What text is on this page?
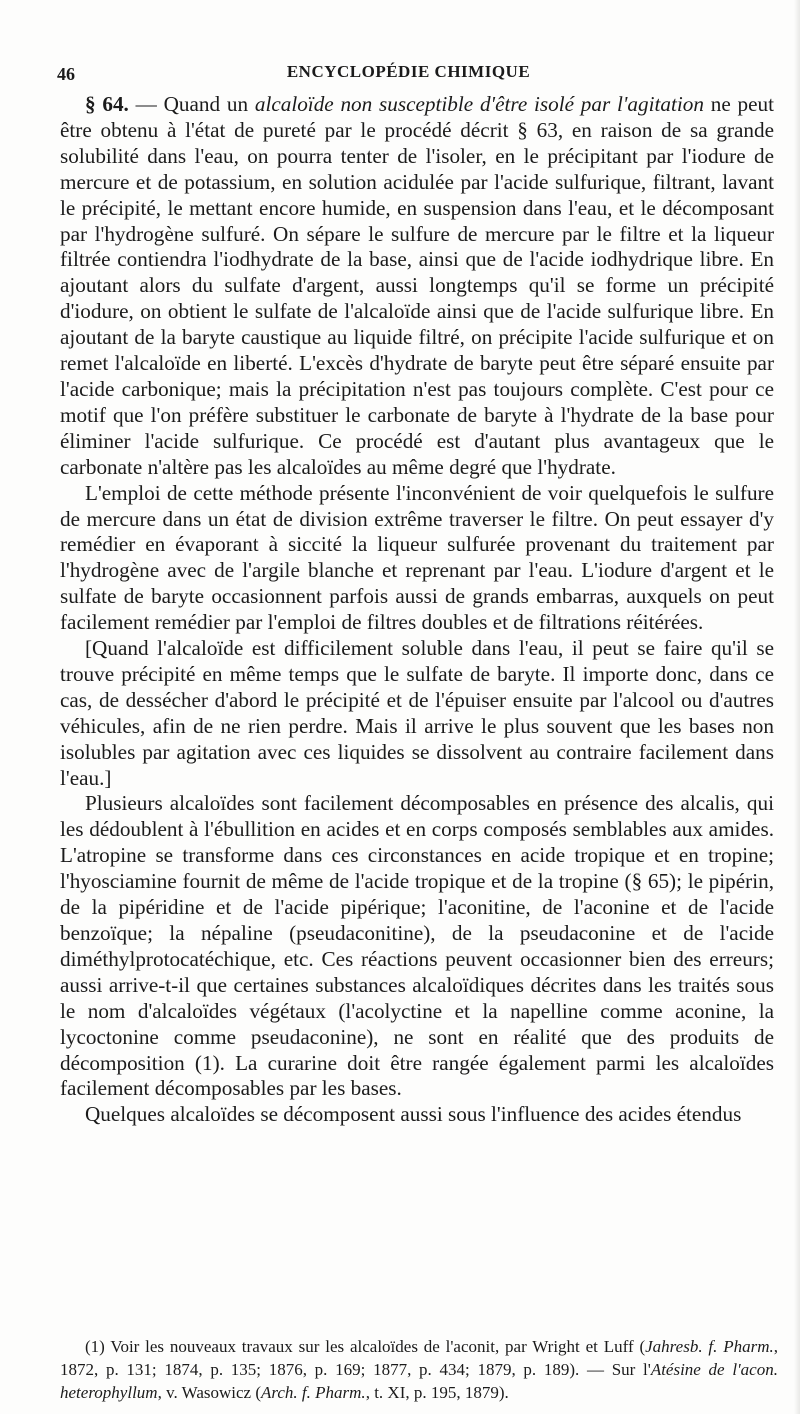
46	ENCYCLOPÉDIE CHIMIQUE

§ 64. — Quand un alcaloïde non susceptible d'être isolé par l'agitation ne peut être obtenu à l'état de pureté par le procédé décrit § 63, en raison de sa grande solubilité dans l'eau, on pourra tenter de l'isoler, en le précipitant par l'iodure de mercure et de potassium, en solution acidulée par l'acide sulfurique, filtrant, lavant le précipité, le mettant encore humide, en suspension dans l'eau, et le décomposant par l'hydrogène sulfuré. On sépare le sulfure de mercure par le filtre et la liqueur filtrée contiendra l'iodhydrate de la base, ainsi que de l'acide iodhydrique libre. En ajoutant alors du sulfate d'argent, aussi longtemps qu'il se forme un précipité d'iodure, on obtient le sulfate de l'alcaloïde ainsi que de l'acide sulfurique libre. En ajoutant de la baryte caustique au liquide filtré, on précipite l'acide sulfurique et on remet l'alcaloïde en liberté. L'excès d'hydrate de baryte peut être séparé ensuite par l'acide carbonique; mais la précipitation n'est pas toujours complète. C'est pour ce motif que l'on préfère substituer le carbonate de baryte à l'hydrate de la base pour éliminer l'acide sulfurique. Ce procédé est d'autant plus avantageux que le carbonate n'altère pas les alcaloïdes au même degré que l'hydrate.

L'emploi de cette méthode présente l'inconvénient de voir quelquefois le sulfure de mercure dans un état de division extrême traverser le filtre. On peut essayer d'y remédier en évaporant à siccité la liqueur sulfurée provenant du traitement par l'hydrogène avec de l'argile blanche et reprenant par l'eau. L'iodure d'argent et le sulfate de baryte occasionnent parfois aussi de grands embarras, auxquels on peut facilement remédier par l'emploi de filtres doubles et de filtrations réitérées.

[Quand l'alcaloïde est difficilement soluble dans l'eau, il peut se faire qu'il se trouve précipité en même temps que le sulfate de baryte. Il importe donc, dans ce cas, de dessécher d'abord le précipité et de l'épuiser ensuite par l'alcool ou d'autres véhicules, afin de ne rien perdre. Mais il arrive le plus souvent que les bases non isolubles par agitation avec ces liquides se dissolvent au contraire facilement dans l'eau.]

Plusieurs alcaloïdes sont facilement décomposables en présence des alcalis, qui les dédoublent à l'ébullition en acides et en corps composés semblables aux amides. L'atropine se transforme dans ces circonstances en acide tropique et en tropine; l'hyosciamine fournit de même de l'acide tropique et de la tropine (§ 65); le pipérin, de la pipéridine et de l'acide pipérique; l'aconitine, de l'aconine et de l'acide benzoïque; la népaline (pseudaconitine), de la pseudaconine et de l'acide diméthylprotocatéchique, etc. Ces réactions peuvent occasionner bien des erreurs; aussi arrive-t-il que certaines substances alcaloïdiques décrites dans les traités sous le nom d'alcaloïdes végétaux (l'acolyctine et la napelline comme aconine, la lycoctonine comme pseudaconine), ne sont en réalité que des produits de décomposition (1). La curarine doit être rangée également parmi les alcaloïdes facilement décomposables par les bases.

Quelques alcaloïdes se décomposent aussi sous l'influence des acides étendus

(1) Voir les nouveaux travaux sur les alcaloïdes de l'aconit, par Wright et Luff (Jahresb. f. Pharm., 1872, p. 131; 1874, p. 135; 1876, p. 169; 1877, p. 434; 1879, p. 189). — Sur l'Atésine de l'acon. heterophyllum, v. Wasowicz (Arch. f. Pharm., t. XI, p. 195, 1879).
